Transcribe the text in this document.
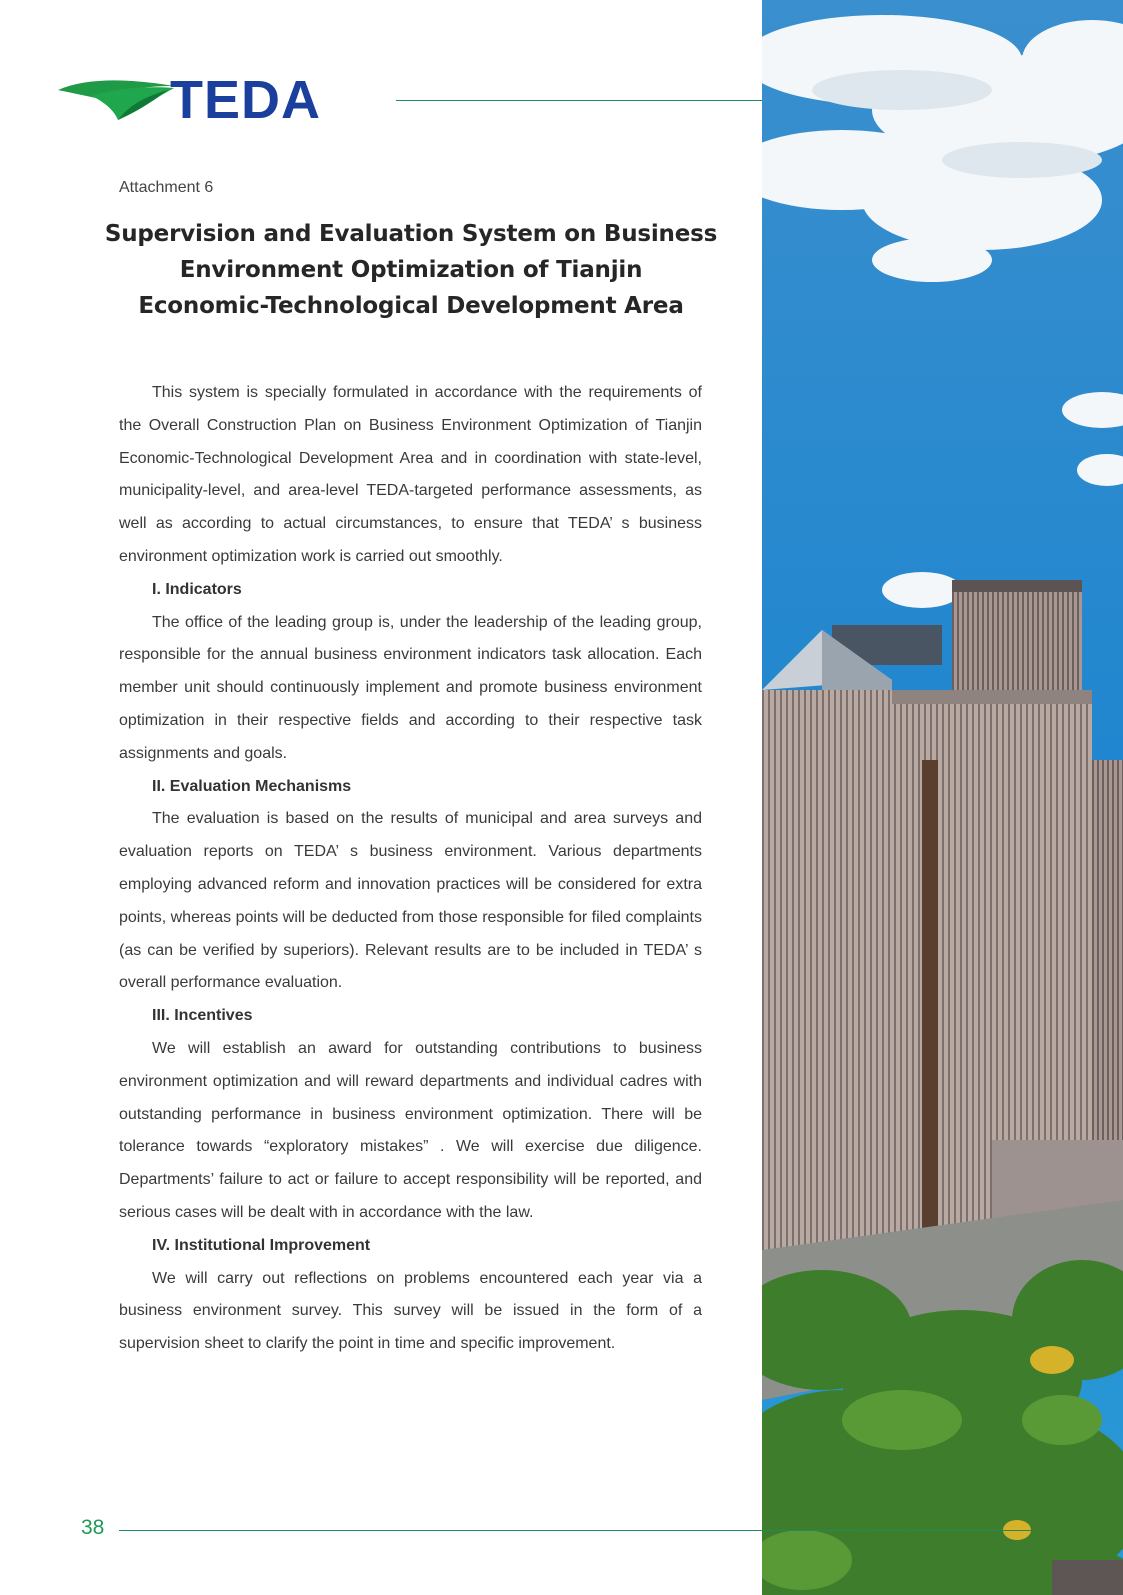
TEDA
Attachment 6
Supervision and Evaluation System on Business
Environment Optimization of Tianjin
Economic-Technological Development Area

This system is specially formulated in accordance with the requirements of the Overall Construction Plan on Business Environment Optimization of Tianjin Economic-Technological Development Area and in coordination with state-level, municipality-level, and area-level TEDA-targeted performance assessments, as well as according to actual circumstances, to ensure that TEDA’ s business environment optimization work is carried out smoothly.

I. Indicators

The office of the leading group is, under the leadership of the leading group, responsible for the annual business environment indicators task allocation. Each member unit should continuously implement and promote business environment optimization in their respective fields and according to their respective task assignments and goals.

II. Evaluation Mechanisms

The evaluation is based on the results of municipal and area surveys and evaluation reports on TEDA’ s business environment. Various departments employing advanced reform and innovation practices will be considered for extra points, whereas points will be deducted from those responsible for filed complaints (as can be verified by superiors). Relevant results are to be included in TEDA’ s overall performance evaluation.

III. Incentives

We will establish an award for outstanding contributions to business environment optimization and will reward departments and individual cadres with outstanding performance in business environment optimization. There will be tolerance towards “exploratory mistakes” . We will exercise due diligence. Departments’ failure to act or failure to accept responsibility will be reported, and serious cases will be dealt with in accordance with the law.

IV. Institutional Improvement

We will carry out reflections on problems encountered each year via a business environment survey. This survey will be issued in the form of a supervision sheet to clarify the point in time and specific improvement.

38
